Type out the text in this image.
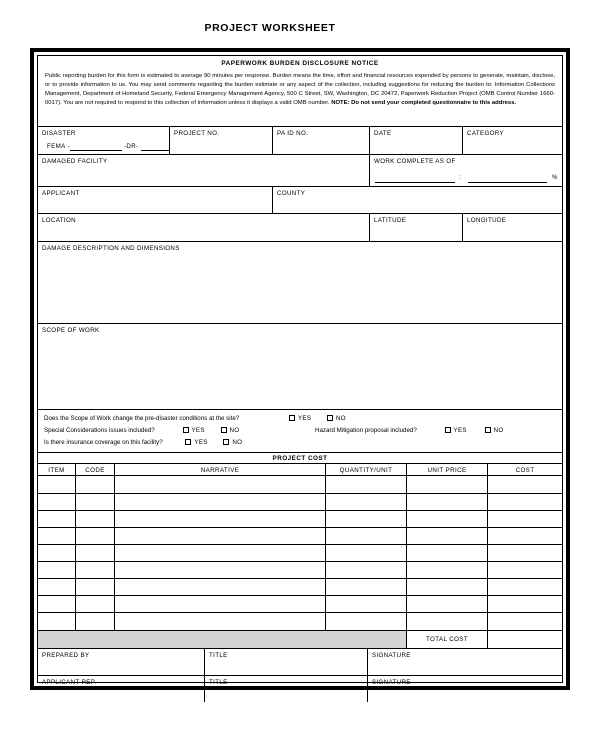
PROJECT WORKSHEET
PAPERWORK BURDEN DISCLOSURE NOTICE
Public reporting burden for this form is estimated to average 90 minutes per response. Burden means the time, effort and financial resources expended by persons to generate, maintain, disclose, or to provide information to us. You may send comments regarding the burden estimate or any aspect of the collection, including suggestions for reducing the burden to: Information Collections Management, Department of Homeland Security, Federal Emergency Management Agency, 500 C Street, SW, Washington, DC 20472, Paperwork Reduction Project (OMB Control Number 1660-0017). You are not required to respond to this collection of information unless it displays a valid OMB number. NOTE: Do not send your completed questionnaire to this address.
DISASTER
FEMA -	-DR-
PROJECT NO.	PA ID NO.	DATE	CATEGORY
DAMAGED FACILITY	WORK COMPLETE AS OF
:	%
APPLICANT	COUNTY
LOCATION	LATITUDE	LONGITUDE
DAMAGE DESCRIPTION AND DIMENSIONS
SCOPE OF WORK
Does the Scope of Work change the pre-disaster conditions at the site?	YES	NO
Special Considerations issues included?	YES	NO
Is there insurance coverage on this facility?	YES	NO
Hazard Mitigation proposal included?	YES	NO
PROJECT COST
ITEM	CODE	NARRATIVE	QUANTITY/UNIT	UNIT PRICE	COST
TOTAL COST
PREPARED BY	TITLE	SIGNATURE
APPLICANT REP.	TITLE	SIGNATURE
